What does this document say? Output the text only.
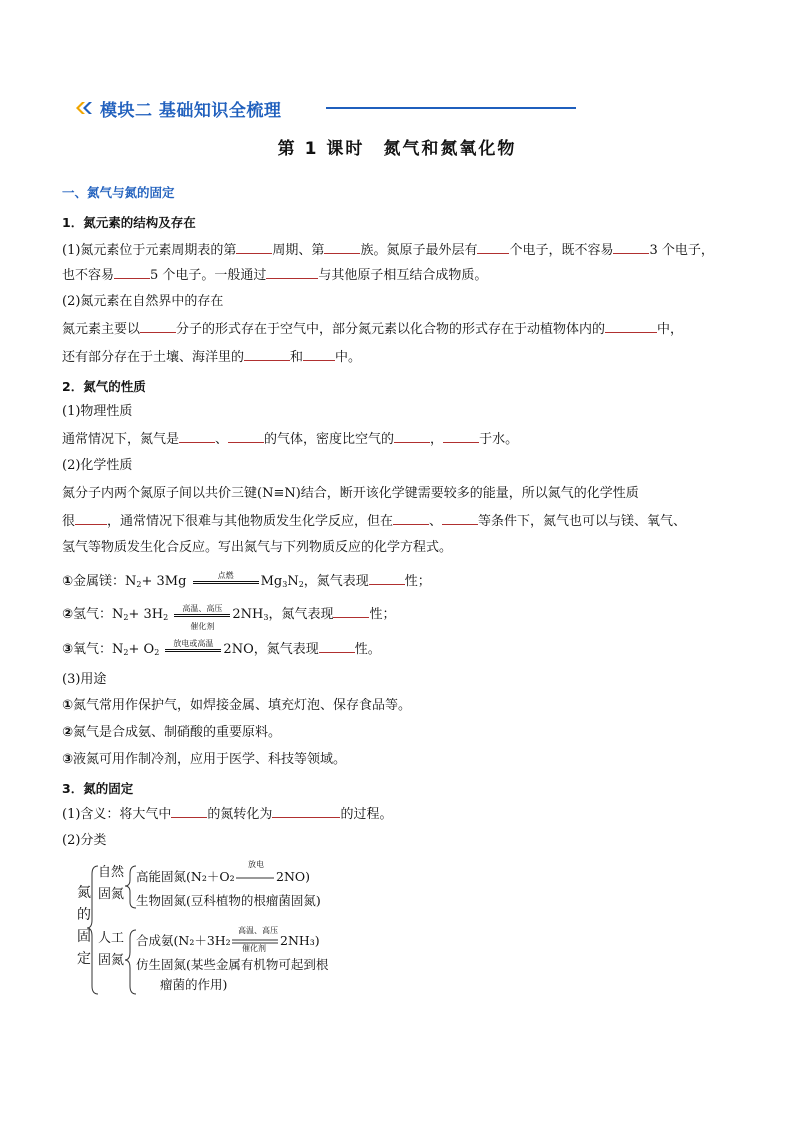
模块二 基础知识全梳理
第 1 课时　氮气和氮氧化物
一、氮气与氮的固定
1．氮元素的结构及存在
(1)氮元素位于元素周期表的第	周期、第	族。氮原子最外层有 个电子，既不容易	3 个电子，
也不容易	5 个电子。一般通过	与其他原子相互结合成物质。
(2)氮元素在自然界中的存在
氮元素主要以	分子的形式存在于空气中，部分氮元素以化合物的形式存在于动植物体内的	中，
还有部分存在于土壤、海洋里的	和 中。
2．氮气的性质
(1)物理性质
通常情况下，氮气是	、	的气体，密度比空气的	，	于水。
(2)化学性质
氮分子内两个氮原子间以共价三键(N≡N)结合，断开该化学键需要较多的能量，所以氮气的化学性质
很 ，通常情况下很难与其他物质发生化学反应，但在	、	等条件下，氮气也可以与镁、氧气、
氢气等物质发生化合反应。写出氮气与下列物质反应的化学方程式。
①金属镁：$N_2+ 3Mg$	点燃	$Mg_3N_2$，氮气表现	性；
②氢气：$N_2+ 3H_2$
高温、高压
催化剂
$2NH_3$，氮气表现	性；
③氧气：$N_2+ O_2$
放电或高温 2NO，氮气表现	性。
(3)用途
①氮气常用作保护气，如焊接金属、填充灯泡、保存食品等。
②氮气是合成氨、制硝酸的重要原料。
③液氮可用作制冷剂，应用于医学、科技等领域。
3．氮的固定
(1)含义：将大气中	的氮转化为	的过程。
(2)分类
氮
的
固
定
自然
固氮
人工
固氮
高能固氮(N₂＋O₂
放电
2NO)
生物固氮(豆科植物的根瘤菌固氮)
合成氨(N₂＋3H₂
高温、高压
催化剂
2NH₃)
仿生固氮(某些金属有机物可起到根
瘤菌的作用)
